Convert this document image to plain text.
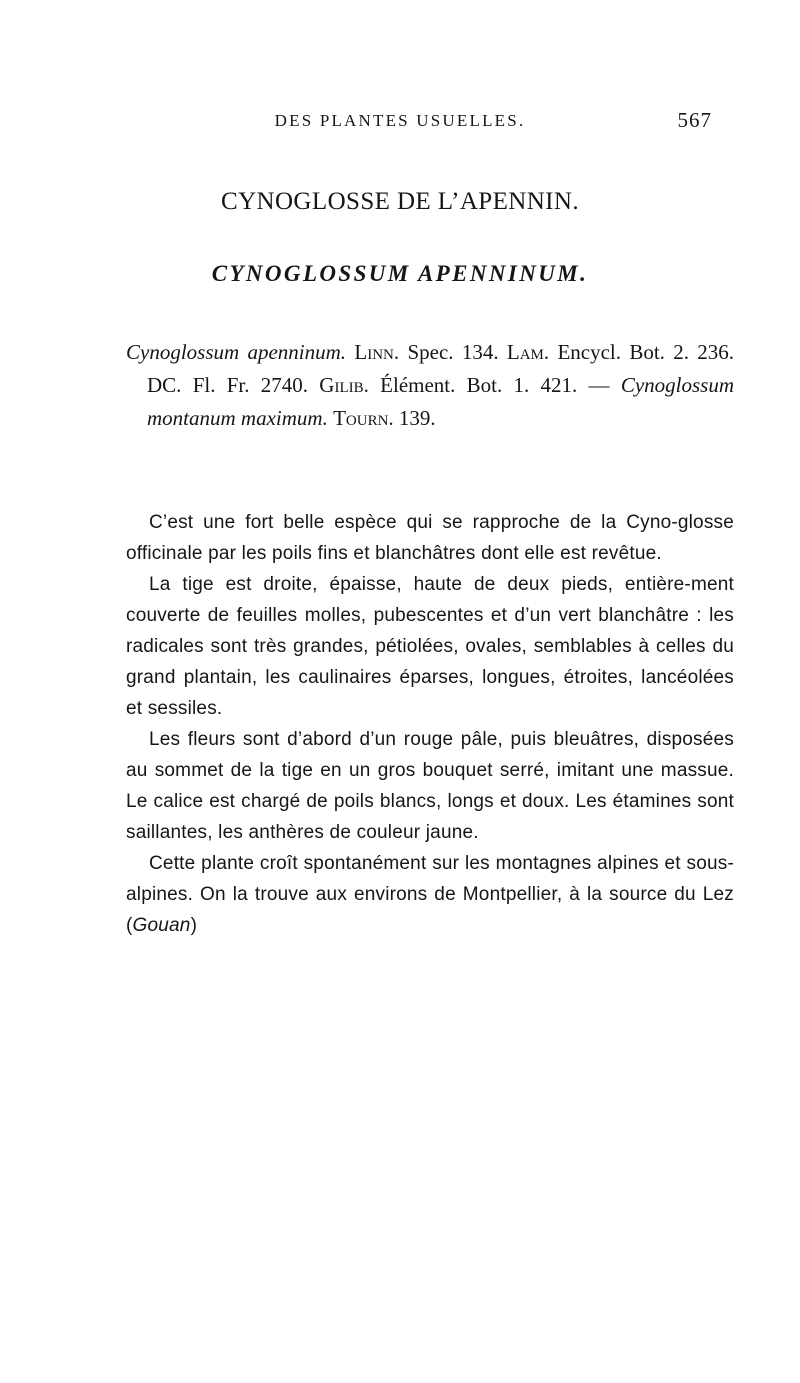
DES PLANTES USUELLES.	567
CYNOGLOSSE DE L’APENNIN.
CYNOGLOSSUM APENNINUM.

Cynoglossum apenninum. Linn. Spec. 134. Lam. Encycl. Bot. 2. 236. DC. Fl. Fr. 2740. Gilib. Élément. Bot. 1. 421. — Cynoglossum montanum maximum. Tourn. 139.

C’est une fort belle espèce qui se rapproche de la Cyno-glosse officinale par les poils fins et blanchâtres dont elle est revêtue.

La tige est droite, épaisse, haute de deux pieds, entière-ment couverte de feuilles molles, pubescentes et d’un vert blanchâtre : les radicales sont très grandes, pétiolées, ovales, semblables à celles du grand plantain, les caulinaires éparses, longues, étroites, lancéolées et sessiles.

Les fleurs sont d’abord d’un rouge pâle, puis bleuâtres, disposées au sommet de la tige en un gros bouquet serré, imitant une massue. Le calice est chargé de poils blancs, longs et doux. Les étamines sont saillantes, les anthères de couleur jaune.

Cette plante croît spontanément sur les montagnes alpines et sous-alpines. On la trouve aux environs de Montpellier, à la source du Lez (Gouan)
